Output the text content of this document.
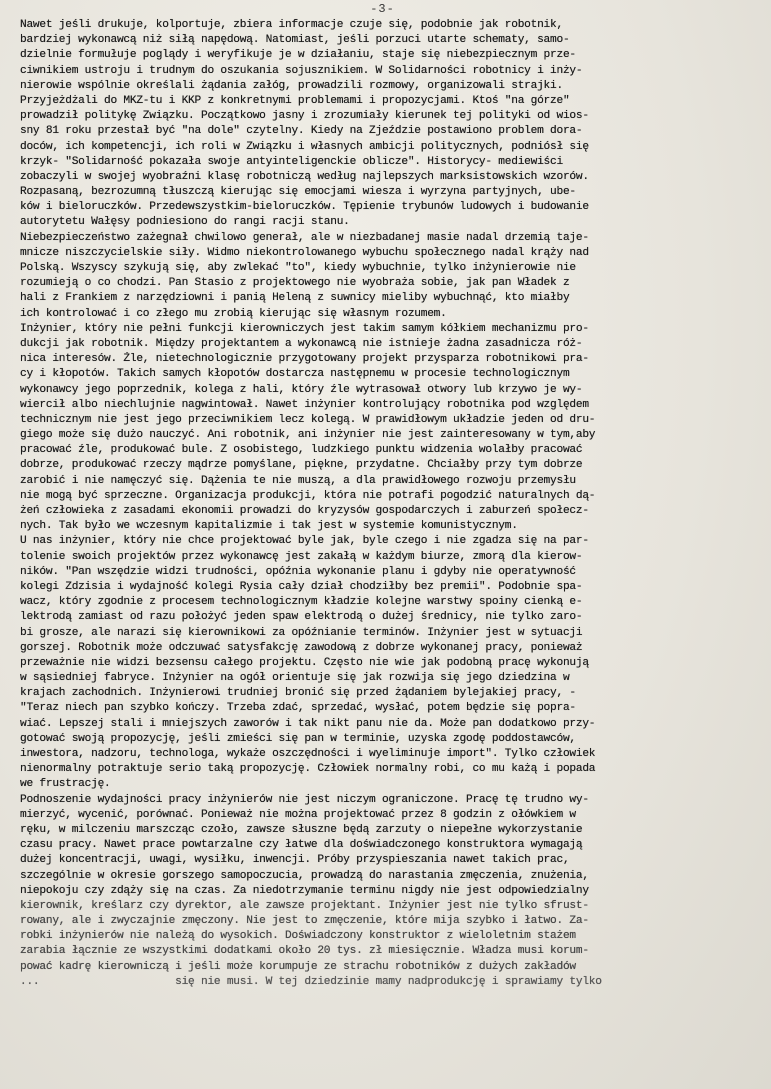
-3-
Nawet jeśli drukuje, kolportuje, zbiera informacje czuje się, podobnie jak robotnik,
bardziej wykonawcą niż siłą napędową. Natomiast, jeśli porzuci utarte schematy, samo-
dzielnie formułuje poglądy i weryfikuje je w działaniu, staje się niebezpiecznym prze-
ciwnikiem ustroju i trudnym do oszukania sojusznikiem. W Solidarności robotnicy i inży-
nierowie wspólnie określali żądania załóg, prowadzili rozmowy, organizowali strajki.
Przyjeżdżali do MKZ-tu i KKP z konkretnymi problemami i propozycjami. Ktoś "na górze"
prowadził politykę Związku. Początkowo jasny i zrozumiały kierunek tej polityki od wios-
sny 81 roku przestał być "na dole" czytelny. Kiedy na Zjeździe postawiono problem dora-
doców, ich kompetencji, ich roli w Związku i własnych ambicji politycznych, podniósł się
krzyk- "Solidarność pokazała swoje antyinteligenckie oblicze". Historycy- mediewiści
zobaczyli w swojej wyobraźni klasę robotniczą według najlepszych marksistowskich wzorów.
Rozpasaną, bezrozumną tłuszczą kierując się emocjami wiesza i wyrzyna partyjnych, ube-
ków i bieloruczków. Przedewszystkim-bieloruczków. Tępienie trybunów ludowych i budowanie
autorytetu Wałęsy podniesiono do rangi racji stanu.
Niebezpieczeństwo zażegnał chwilowo generał, ale w niezbadanej masie nadal drzemią taje-
mnicze niszczycielskie siły. Widmo niekontrolowanego wybuchu społecznego nadal krąży nad
Polską. Wszyscy szykują się, aby zwlekać "to", kiedy wybuchnie, tylko inżynierowie nie
rozumieją o co chodzi. Pan Stasio z projektowego nie wyobraża sobie, jak pan Władek z
hali z Frankiem z narzędziowni i panią Heleną z suwnicy mieliby wybuchnąć, kto miałby
ich kontrolować i co złego mu zrobią kierując się własnym rozumem.
Inżynier, który nie pełni funkcji kierowniczych jest takim samym kółkiem mechanizmu pro-
dukcji jak robotnik. Między projektantem a wykonawcą nie istnieje żadna zasadnicza róż-
nica interesów. Źle, nietechnologicznie przygotowany projekt przysparza robotnikowi pra-
cy i kłopotów. Takich samych kłopotów dostarcza następnemu w procesie technologicznym
wykonawcy jego poprzednik, kolega z hali, który źle wytrasował otwory lub krzywo je wy-
wiercił albo niechlujnie nagwintował. Nawet inżynier kontrolujący robotnika pod względem
technicznym nie jest jego przeciwnikiem lecz kolegą. W prawidłowym układzie jeden od dru-
giego może się dużo nauczyć. Ani robotnik, ani inżynier nie jest zainteresowany w tym,aby
pracować źle, produkować bule. Z osobistego, ludzkiego punktu widzenia wolałby pracować
dobrze, produkować rzeczy mądrze pomyślane, piękne, przydatne. Chciałby przy tym dobrze
zarobić i nie namęczyć się. Dążenia te nie muszą, a dla prawidłowego rozwoju przemysłu
nie mogą być sprzeczne. Organizacja produkcji, która nie potrafi pogodzić naturalnych dą-
żeń człowieka z zasadami ekonomii prowadzi do kryzysów gospodarczych i zaburzeń społecz-
nych. Tak było we wczesnym kapitalizmie i tak jest w systemie komunistycznym.
U nas inżynier, który nie chce projektować byle jak, byle czego i nie zgadza się na par-
tolenie swoich projektów przez wykonawcę jest zakałą w każdym biurze, zmorą dla kierow-
ników. "Pan wszędzie widzi trudności, opóźnia wykonanie planu i gdyby nie operatywność
kolegi Zdzisia i wydajność kolegi Rysia cały dział chodziłby bez premii". Podobnie spa-
wacz, który zgodnie z procesem technologicznym kładzie kolejne warstwy spoiny cienką e-
lektrodą zamiast od razu położyć jeden spaw elektrodą o dużej średnicy, nie tylko zaro-
bi grosze, ale narazi się kierownikowi za opóźnianie terminów. Inżynier jest w sytuacji
gorszej. Robotnik może odczuwać satysfakcję zawodową z dobrze wykonanej pracy, ponieważ
przeważnie nie widzi bezsensu całego projektu. Często nie wie jak podobną pracę wykonują
w sąsiedniej fabryce. Inżynier na ogół orientuje się jak rozwija się jego dziedzina w
krajach zachodnich. Inżynierowi trudniej bronić się przed żądaniem bylejakiej pracy, -
"Teraz niech pan szybko kończy. Trzeba zdać, sprzedać, wysłać, potem będzie się popra-
wiać. Lepszej stali i mniejszych zaworów i tak nikt panu nie da. Może pan dodatkowo przy-
gotować swoją propozycję, jeśli zmieści się pan w terminie, uzyska zgodę poddostawców,
inwestora, nadzoru, technologa, wykaże oszczędności i wyeliminuje import". Tylko człowiek
nienormalny potraktuje serio taką propozycję. Człowiek normalny robi, co mu każą i popada
we frustrację.
Podnoszenie wydajności pracy inżynierów nie jest niczym ograniczone. Pracę tę trudno wy-
mierzyć, wycenić, porównać. Ponieważ nie można projektować przez 8 godzin z ołówkiem w
ręku, w milczeniu marszcząc czoło, zawsze słuszne będą zarzuty o niepełne wykorzystanie
czasu pracy. Nawet prace powtarzalne czy łatwe dla doświadczonego konstruktora wymagają
dużej koncentracji, uwagi, wysiłku, inwencji. Próby przyspieszania nawet takich prac,
szczególnie w okresie gorszego samopoczucia, prowadzą do narastania zmęczenia, znużenia,
niepokoju czy zdąży się na czas. Za niedotrzymanie terminu nigdy nie jest odpowiedzialny
kierownik, kreślarz czy dyrektor, ale zawsze projektant. Inżynier jest nie tylko sfrust-
rowany, ale i zwyczajnie zmęczony. Nie jest to zmęczenie, które mija szybko i łatwo. Za-
robki inżynierów nie należą do wysokich. Doświadczony konstruktor z wieloletnim stażem
zarabia łącznie ze wszystkimi dodatkami około 20 tys. zł miesięcznie. Władza musi korum-
pować kadrę kierowniczą i jeśli może korumpuje ze strachu robotników z dużych zakładów
...                     się nie musi. W tej dziedzinie mamy nadprodukcję i sprawiamy tylko
